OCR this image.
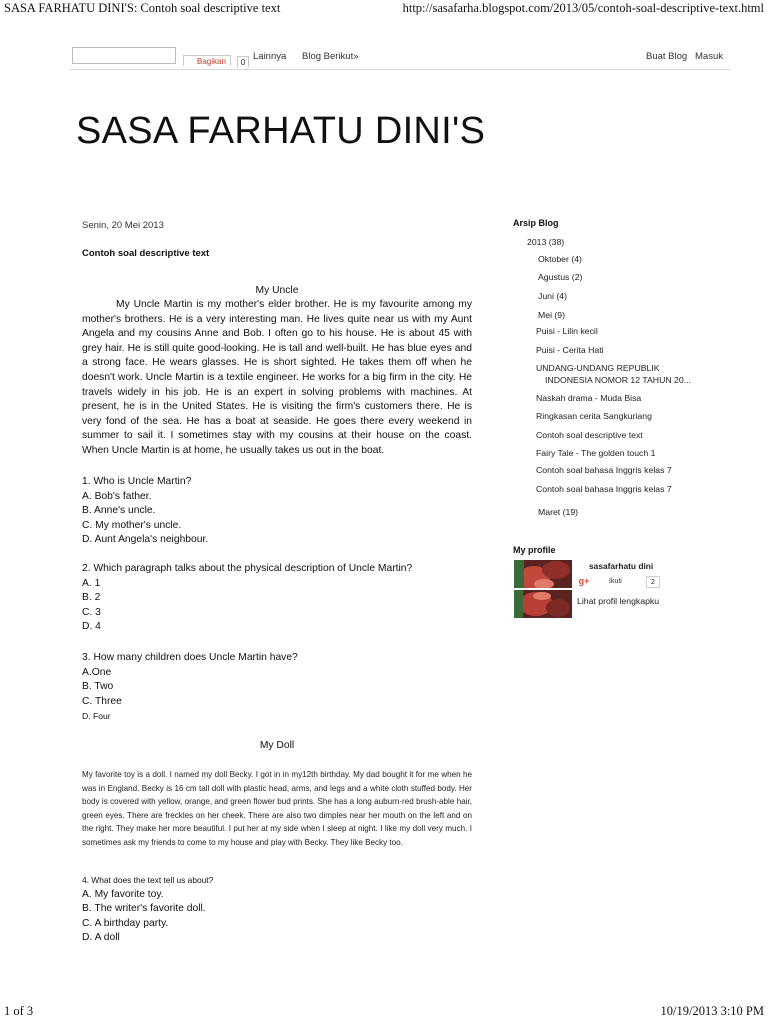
SASA FARHATU DINI'S: Contoh soal descriptive text	http://sasafarha.blogspot.com/2013/05/contoh-soal-descriptive-text.html
Bagikan	0
Lainnya Blog Berikut»	Buat Blog Masuk
SASA FARHATU DINI'S
Senin, 20 Mei 2013
Contoh soal descriptive text
My Uncle
My Uncle Martin is my mother's elder brother. He is my favourite among my mother's brothers. He is a very interesting man. He lives quite near us with my Aunt Angela and my cousins Anne and Bob. I often go to his house. He is about 45 with grey hair. He is still quite good-looking. He is tall and well-built. He has blue eyes and a strong face. He wears glasses. He is short sighted. He takes them off when he doesn't work. Uncle Martin is a textile engineer. He works for a big firm in the city. He travels widely in his job. He is an expert in solving problems with machines. At present, he is in the United States. He is visiting the firm's customers there. He is very fond of the sea. He has a boat at seaside. He goes there every weekend in summer to sail it. I sometimes stay with my cousins at their house on the coast. When Uncle Martin is at home, he usually takes us out in the boat.
1. Who is Uncle Martin?
A. Bob's father.
B. Anne's uncle.
C. My mother's uncle.
D. Aunt Angela's neighbour.
2. Which paragraph talks about the physical description of Uncle Martin?
A. 1
B. 2
C. 3
D. 4
3. How many children does Uncle Martin have?
A.One
B. Two
C. Three
D. Four
My Doll
My favorite toy is a doll. I named my doll Becky. I got in in my12th birthday. My dad bought it for me when he was in England. Becky is 16 cm tall doll with plastic head, arms, and legs and a white cloth stuffed body. Her body is covered with yellow, orange, and green flower bud prints. She has a long auburn-red brush-able hair, green eyes. There are freckles on her cheek. There are also two dimples near her mouth on the left and on the right. They make her more beautiful. I put her at my side when I sleep at night. I like my doll very much. I sometimes ask my friends to come to my house and play with Becky. They like Becky too.
4. What does the text tell us about?
A. My favorite toy.
B. The writer's favorite doll.
C. A birthday party.
D. A doll
Arsip Blog
2013 (38)
Oktober (4)
Agustus (2)
Juni (4)
Mei (9)
Puisi - Lilin kecil
Puisi - Cerita Hati
UNDANG-UNDANG REPUBLIK
INDONESIA NOMOR 12 TAHUN 20...
Naskah drama - Muda Bisa
Ringkasan cerita Sangkuriang
Contoh soal descriptive text
Fairy Tale - The golden touch 1
Contoh soal bahasa Inggris kelas 7
Contoh soal bahasa Inggris kelas 7
Maret (19)
My profile
sasafarhatu dini
g+	Ikuti	2
Lihat profil lengkapku
1 of 3	10/19/2013 3:10 PM
